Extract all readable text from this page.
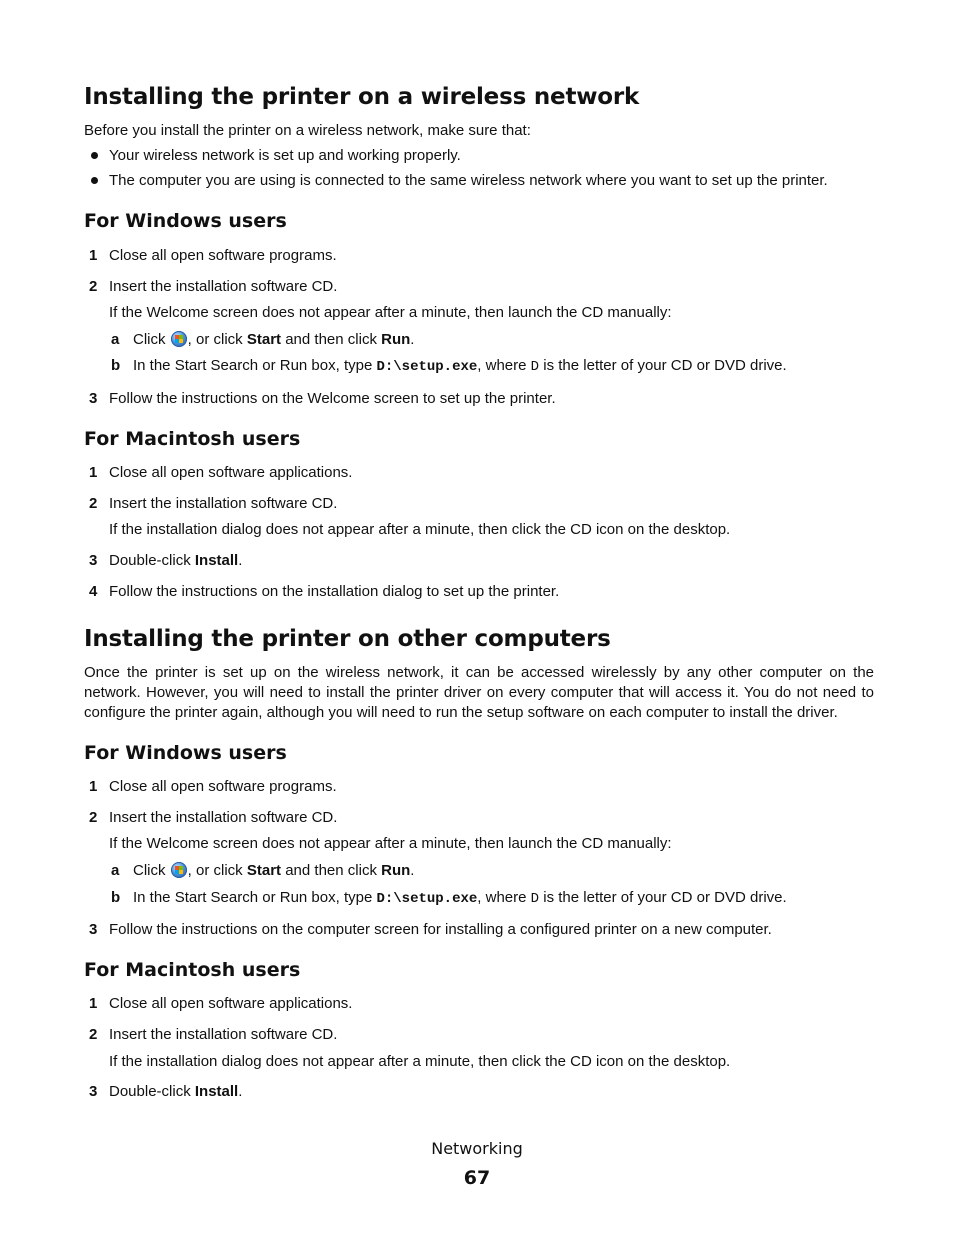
Installing the printer on a wireless network
Before you install the printer on a wireless network, make sure that:
Your wireless network is set up and working properly.
The computer you are using is connected to the same wireless network where you want to set up the printer.
For Windows users
1 Close all open software programs.
2 Insert the installation software CD.
If the Welcome screen does not appear after a minute, then launch the CD manually:
a Click , or click Start and then click Run.
b In the Start Search or Run box, type D:\setup.exe, where D is the letter of your CD or DVD drive.
3 Follow the instructions on the Welcome screen to set up the printer.
For Macintosh users
1 Close all open software applications.
2 Insert the installation software CD.
If the installation dialog does not appear after a minute, then click the CD icon on the desktop.
3 Double-click Install.
4 Follow the instructions on the installation dialog to set up the printer.
Installing the printer on other computers
Once the printer is set up on the wireless network, it can be accessed wirelessly by any other computer on the network. However, you will need to install the printer driver on every computer that will access it. You do not need to configure the printer again, although you will need to run the setup software on each computer to install the driver.
For Windows users
1 Close all open software programs.
2 Insert the installation software CD.
If the Welcome screen does not appear after a minute, then launch the CD manually:
a Click , or click Start and then click Run.
b In the Start Search or Run box, type D:\setup.exe, where D is the letter of your CD or DVD drive.
3 Follow the instructions on the computer screen for installing a configured printer on a new computer.
For Macintosh users
1 Close all open software applications.
2 Insert the installation software CD.
If the installation dialog does not appear after a minute, then click the CD icon on the desktop.
3 Double-click Install.
Networking
67
